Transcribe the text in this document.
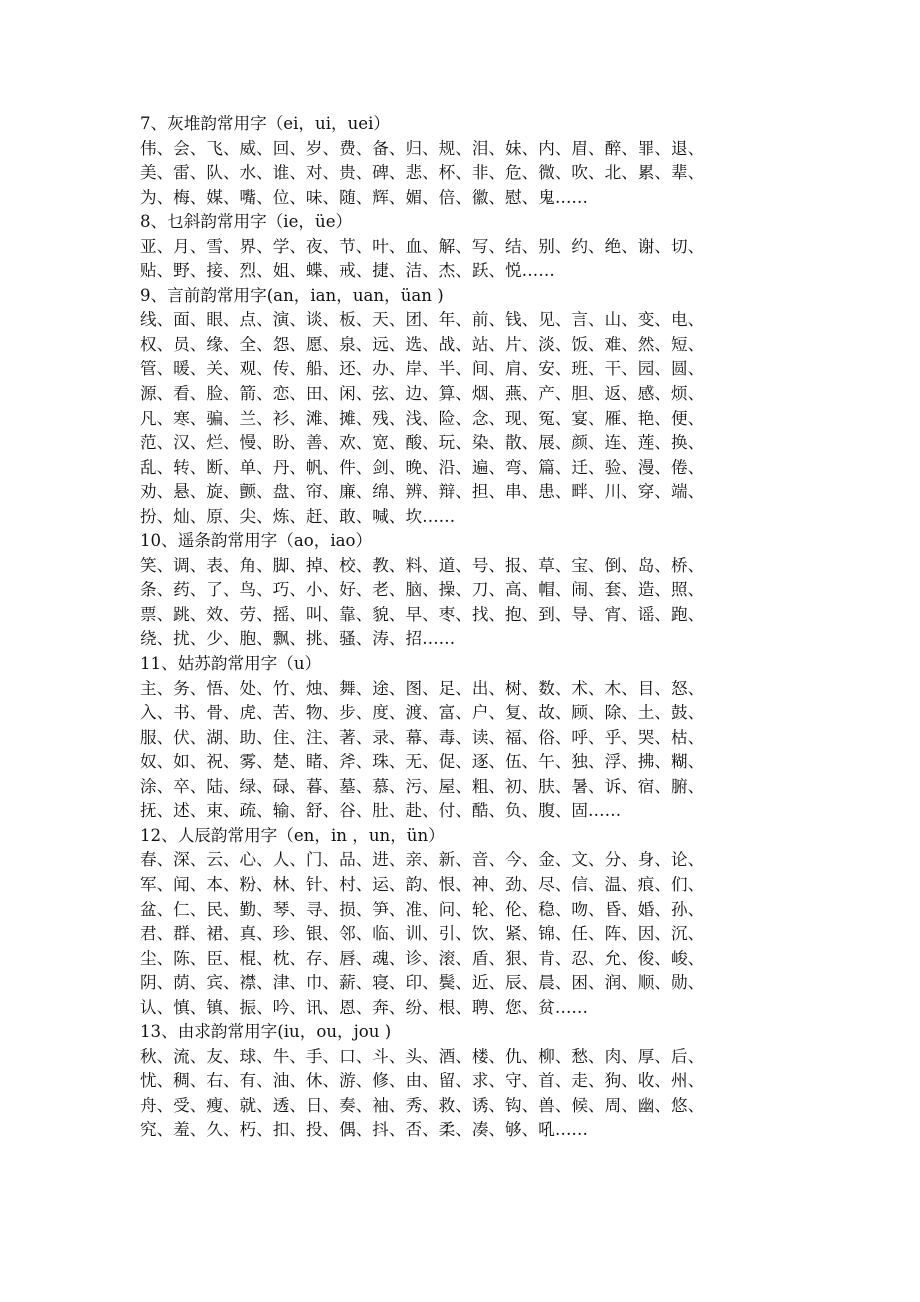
7、灰堆韵常用字（ei，ui，uei）
伟、会、飞、威、回、岁、费、备、归、规、泪、妹、内、眉、醉、罪、退、
美、雷、队、水、谁、对、贵、碑、悲、杯、非、危、微、吹、北、累、辈、
为、梅、媒、嘴、位、味、随、辉、媚、倍、徽、慰、鬼……
8、乜斜韵常用字（ie，üe）
亚、月、雪、界、学、夜、节、叶、血、解、写、结、别、约、绝、谢、切、
贴、野、接、烈、姐、蝶、戒、捷、洁、杰、跃、悦……
9、言前韵常用字(an，ian，uan，üan )
线、面、眼、点、演、谈、板、天、团、年、前、钱、见、言、山、变、电、
权、员、缘、全、怨、愿、泉、远、选、战、站、片、淡、饭、难、然、短、
管、暖、关、观、传、船、还、办、岸、半、间、肩、安、班、干、园、圆、
源、看、脸、箭、恋、田、闲、弦、边、算、烟、燕、产、胆、返、感、烦、
凡、寒、骗、兰、衫、滩、摊、残、浅、险、念、现、冤、宴、雁、艳、便、
范、汉、烂、慢、盼、善、欢、宽、酸、玩、染、散、展、颜、连、莲、换、
乱、转、断、单、丹、帆、件、剑、晚、沿、遍、弯、篇、迁、验、漫、倦、
劝、悬、旋、颤、盘、帘、廉、绵、辨、辩、担、串、患、畔、川、穿、端、
扮、灿、原、尖、炼、赶、敢、喊、坎……
10、遥条韵常用字（ao，iao）
笑、调、表、角、脚、掉、校、教、料、道、号、报、草、宝、倒、岛、桥、
条、药、了、鸟、巧、小、好、老、脑、操、刀、高、帽、闹、套、造、照、
票、跳、效、劳、摇、叫、靠、貌、早、枣、找、抱、到、导、宵、谣、跑、
绕、扰、少、胞、飘、挑、骚、涛、招……
11、姑苏韵常用字（u）
主、务、悟、处、竹、烛、舞、途、图、足、出、树、数、术、木、目、怒、
入、书、骨、虎、苦、物、步、度、渡、富、户、复、故、顾、除、土、鼓、
服、伏、湖、助、住、注、著、录、幕、毒、读、福、俗、呼、乎、哭、枯、
奴、如、祝、雾、楚、睹、斧、珠、无、促、逐、伍、午、独、浮、拂、糊、
涂、卒、陆、绿、碌、暮、墓、慕、污、屋、粗、初、肤、暑、诉、宿、腑、
抚、述、束、疏、输、舒、谷、肚、赴、付、酷、负、腹、固……
12、人辰韵常用字（en，in ，un，ün）
春、深、云、心、人、门、品、进、亲、新、音、今、金、文、分、身、论、
军、闻、本、粉、林、针、村、运、韵、恨、神、劲、尽、信、温、痕、们、
盆、仁、民、勤、琴、寻、损、笋、准、问、轮、伦、稳、吻、昏、婚、孙、
君、群、裙、真、珍、银、邻、临、训、引、饮、紧、锦、任、阵、因、沉、
尘、陈、臣、棍、枕、存、唇、魂、诊、滚、盾、狠、肯、忍、允、俊、峻、
阴、荫、宾、襟、津、巾、薪、寝、印、鬓、近、辰、晨、困、润、顺、勋、
认、慎、镇、振、吟、讯、恩、奔、纷、根、聘、您、贫……
13、由求韵常用字(iu，ou，jou )
秋、流、友、球、牛、手、口、斗、头、酒、楼、仇、柳、愁、肉、厚、后、
忧、稠、右、有、油、休、游、修、由、留、求、守、首、走、狗、收、州、
舟、受、瘦、就、透、日、奏、袖、秀、救、诱、钩、兽、候、周、幽、悠、
究、羞、久、朽、扣、投、偶、抖、否、柔、凑、够、吼……
